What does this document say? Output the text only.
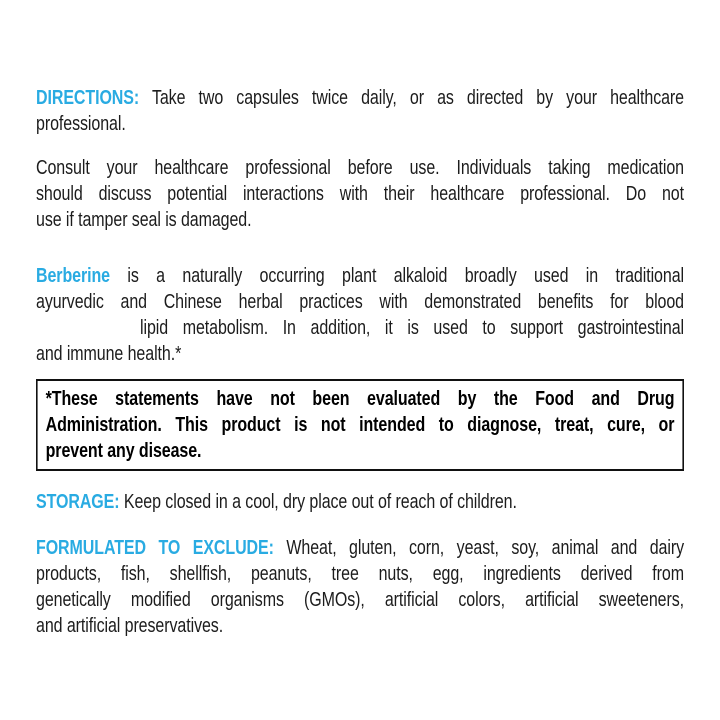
DIRECTIONS: Take two capsules twice daily, or as directed by your healthcare
professional.

Consult your healthcare professional before use. Individuals taking medication
should discuss potential interactions with their healthcare professional. Do not
use if tamper seal is damaged.

Berberine is a naturally occurring plant alkaloid broadly used in traditional
ayurvedic and Chinese herbal practices with demonstrated benefits for blood
lipid metabolism. In addition, it is used to support gastrointestinal
and immune health.*

*These statements have not been evaluated by the Food and Drug
Administration. This product is not intended to diagnose, treat, cure, or
prevent any disease.

STORAGE: Keep closed in a cool, dry place out of reach of children.

FORMULATED TO EXCLUDE: Wheat, gluten, corn, yeast, soy, animal and dairy
products, fish, shellfish, peanuts, tree nuts, egg, ingredients derived from
genetically modified organisms (GMOs), artificial colors, artificial sweeteners,
and artificial preservatives.
